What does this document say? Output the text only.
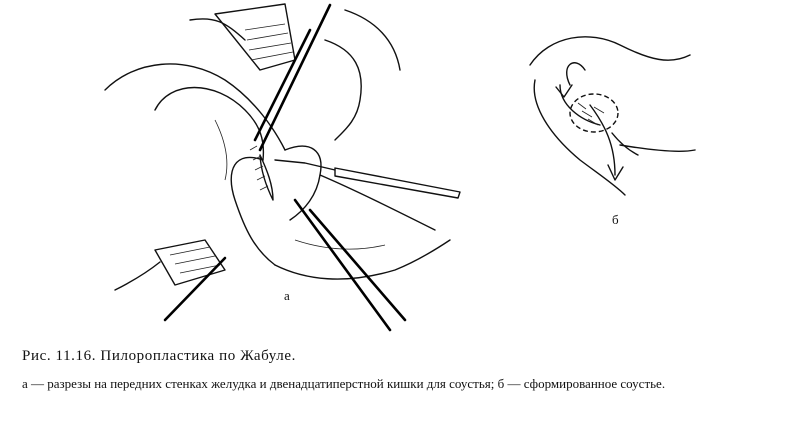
а
б
Рис. 11.16. Пилоропластика по Жабуле.
а — разрезы на передних стенках желудка и двенадцатиперстной кишки для соустья; б — сформированное соустье.
